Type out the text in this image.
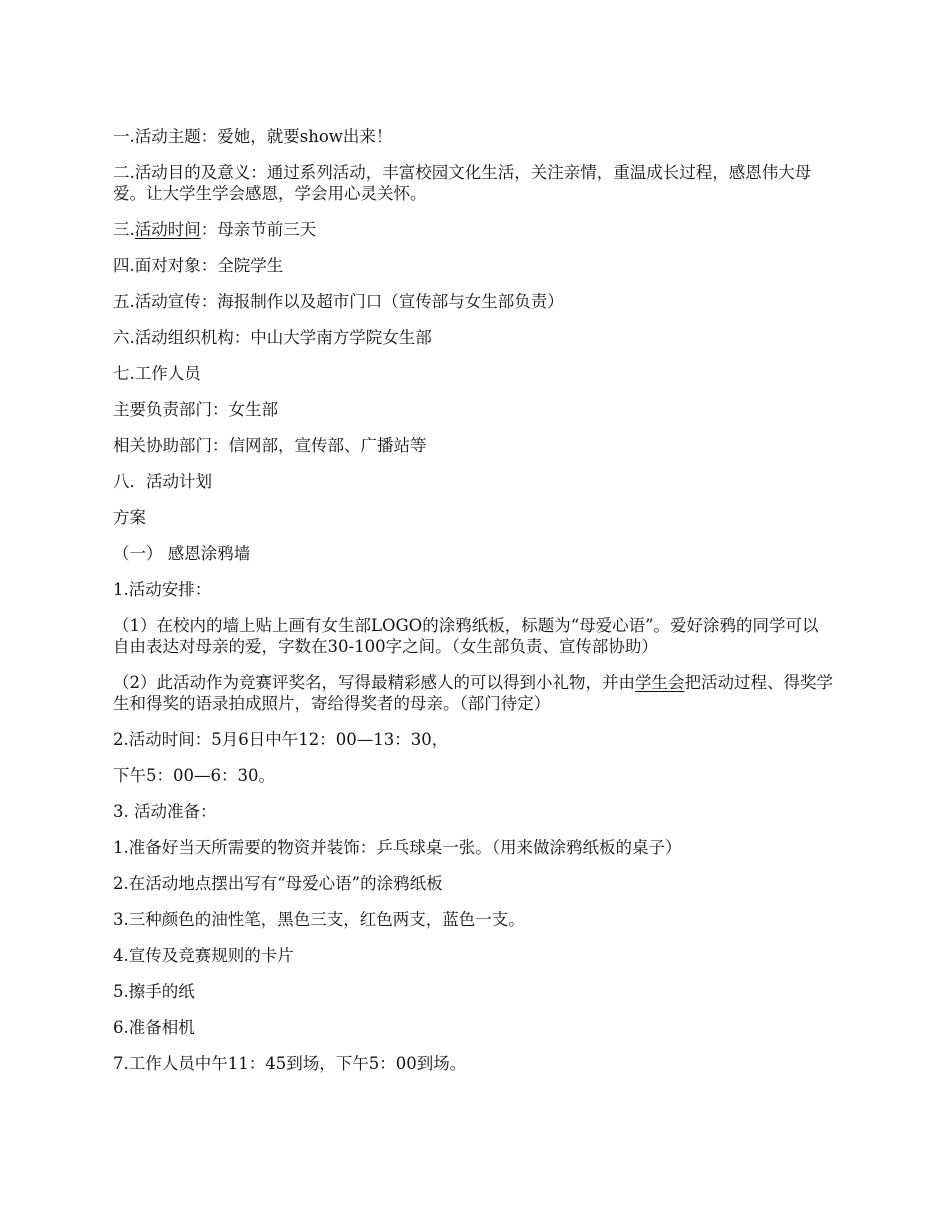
一.活动主题：爱她，就要show出来！

二.活动目的及意义：通过系列活动，丰富校园文化生活，关注亲情，重温成长过程，感恩伟大母爱。让大学生学会感恩，学会用心灵关怀。

三.活动时间：母亲节前三天

四.面对对象：全院学生

五.活动宣传：海报制作以及超市门口（宣传部与女生部负责）

六.活动组织机构：中山大学南方学院女生部

七.工作人员

主要负责部门：女生部

相关协助部门：信网部，宣传部、广播站等

八．活动计划

方案

（一） 感恩涂鸦墙

1.活动安排：

（1）在校内的墙上贴上画有女生部LOGO的涂鸦纸板，标题为“母爱心语”。爱好涂鸦的同学可以自由表达对母亲的爱，字数在30-100字之间。（女生部负责、宣传部协助）

（2）此活动作为竞赛评奖名，写得最精彩感人的可以得到小礼物，并由学生会把活动过程、得奖学生和得奖的语录拍成照片，寄给得奖者的母亲。（部门待定）

2.活动时间：5月6日中午12：00—13：30，

下午5：00—6：30。

3. 活动准备：

1.准备好当天所需要的物资并装饰：乒乓球桌一张。（用来做涂鸦纸板的桌子）

2.在活动地点摆出写有“母爱心语”的涂鸦纸板

3.三种颜色的油性笔，黑色三支，红色两支，蓝色一支。

4.宣传及竞赛规则的卡片

5.擦手的纸

6.准备相机

7.工作人员中午11：45到场，下午5：00到场。
